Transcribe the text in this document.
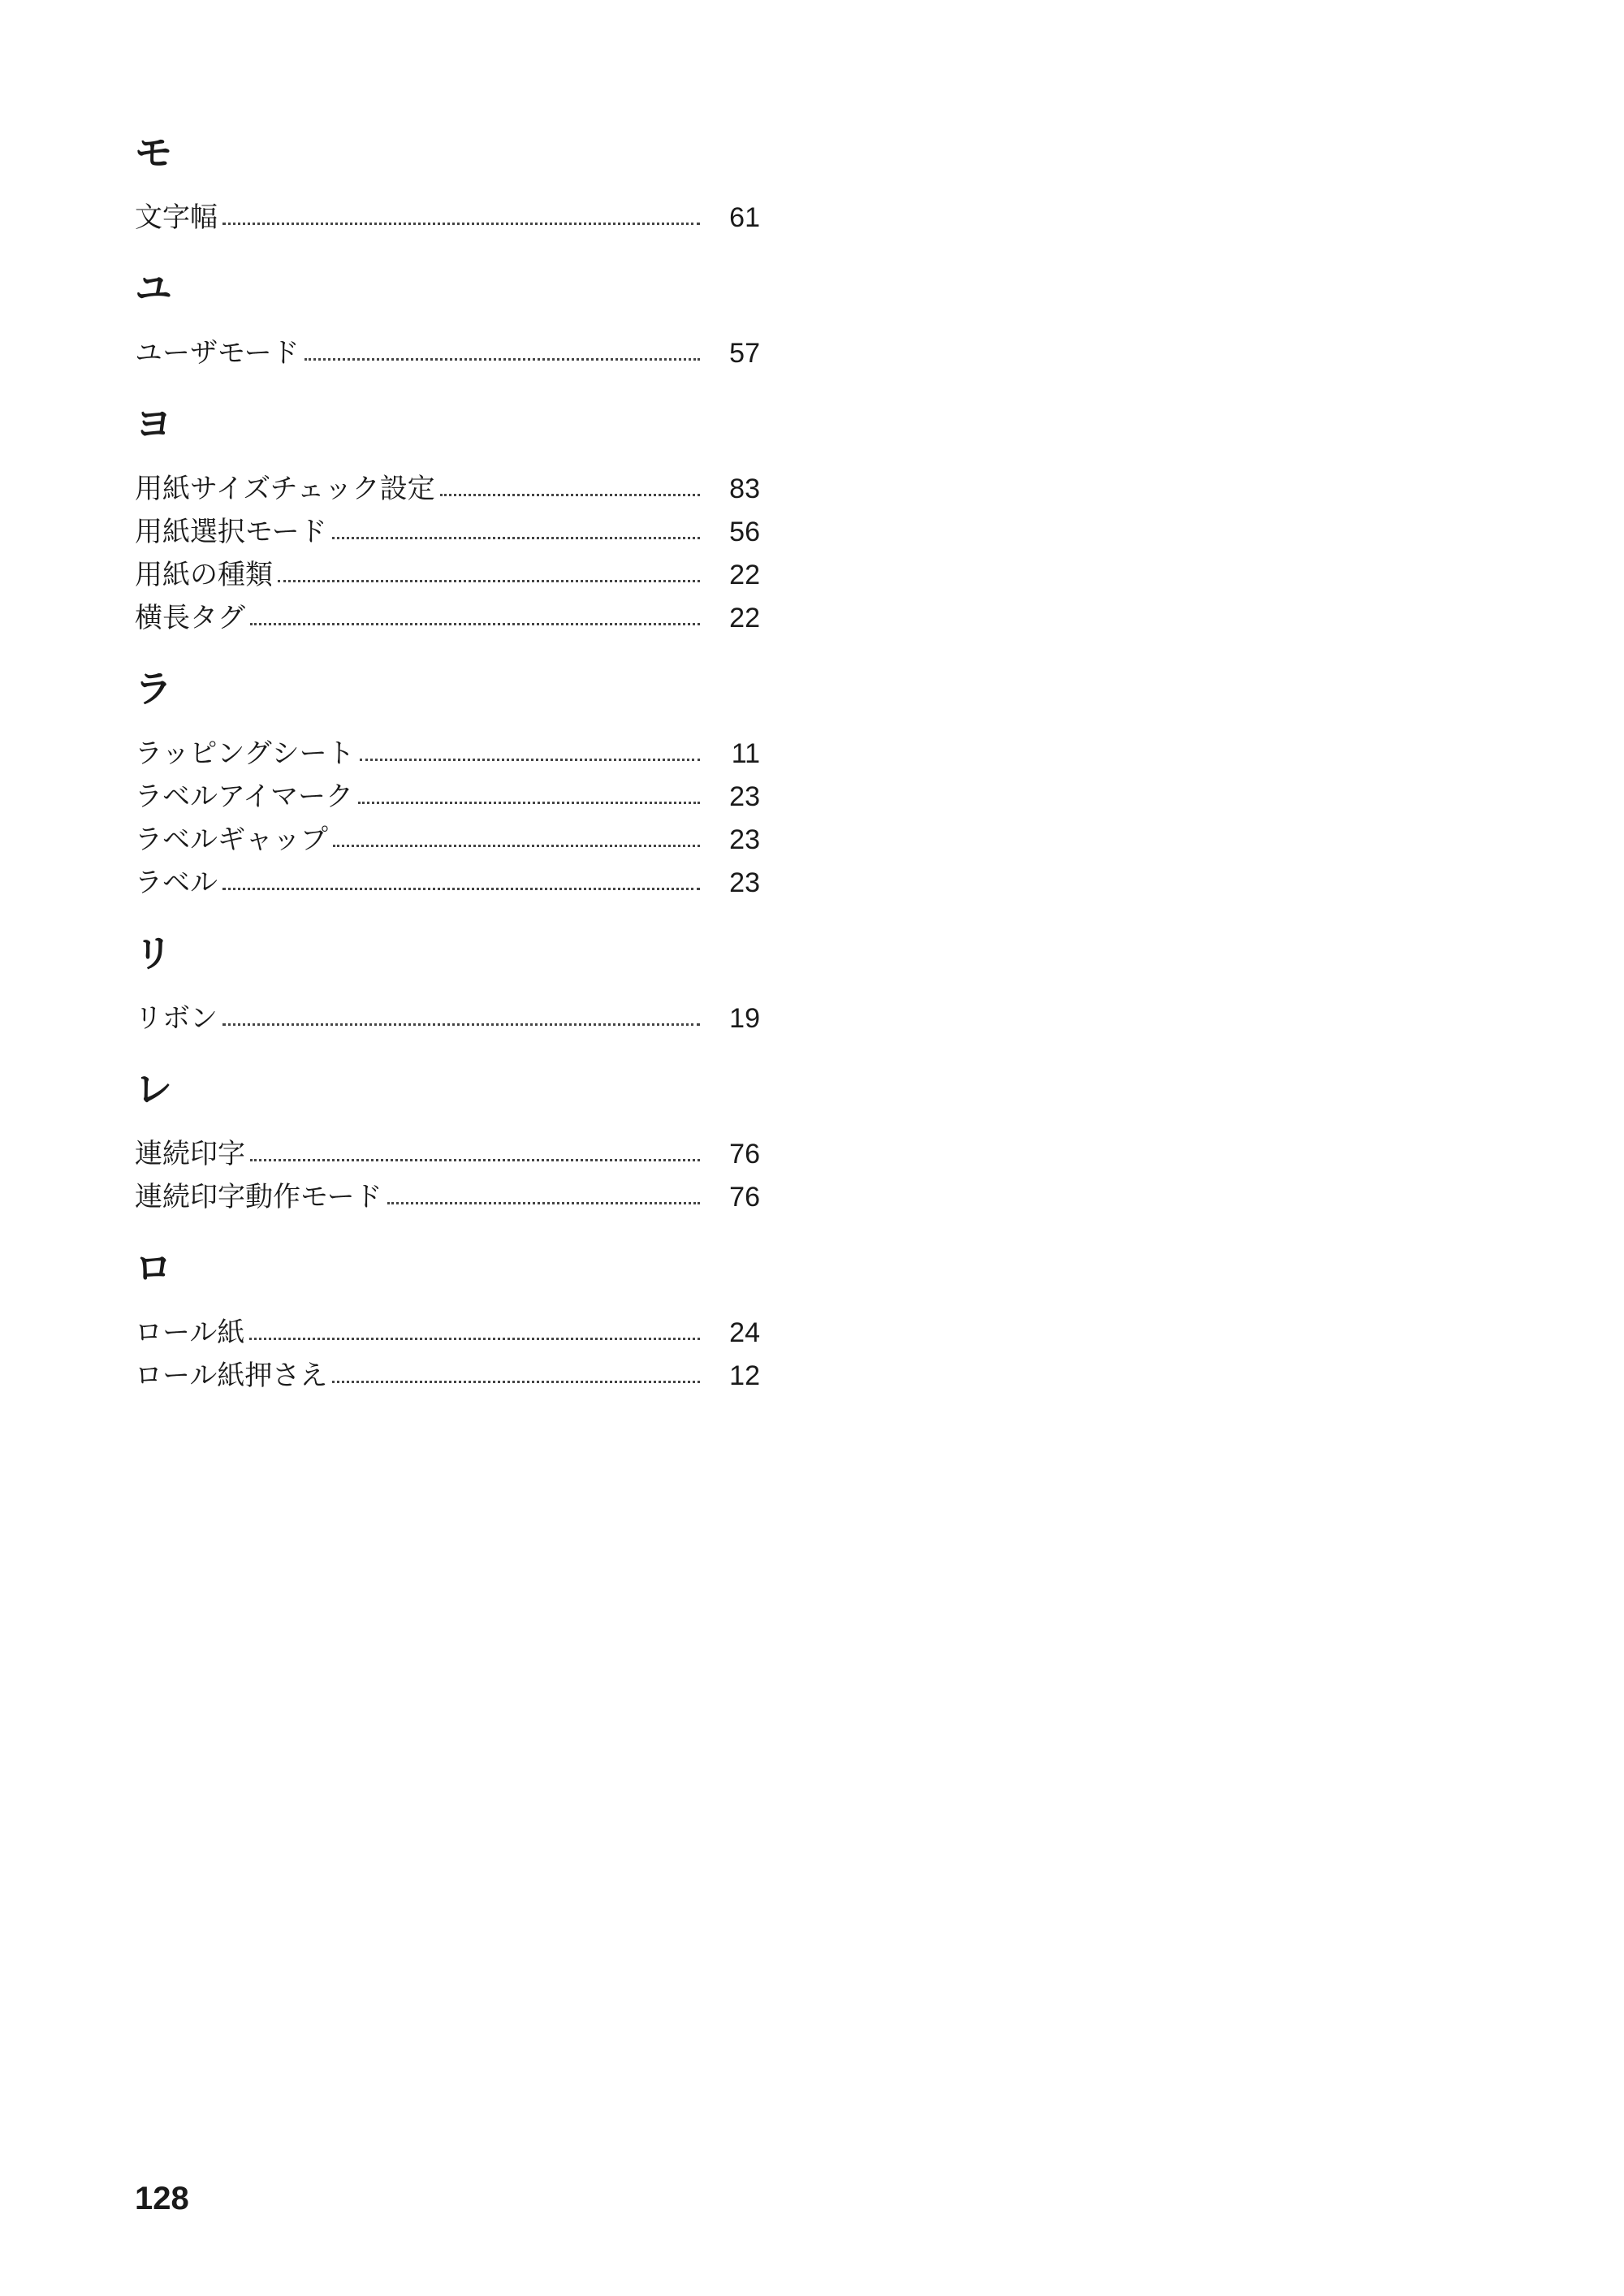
モ
文字幅	61
ユ
ユーザモード	57
ヨ
用紙サイズチェック設定	83
用紙選択モード	56
用紙の種類	22
横長タグ	22
ラ
ラッピングシート	11
ラベルアイマーク	23
ラベルギャップ	23
ラベル	23
リ
リボン	19
レ
連続印字	76
連続印字動作モード	76
ロ
ロール紙	24
ロール紙押さえ	12
128
